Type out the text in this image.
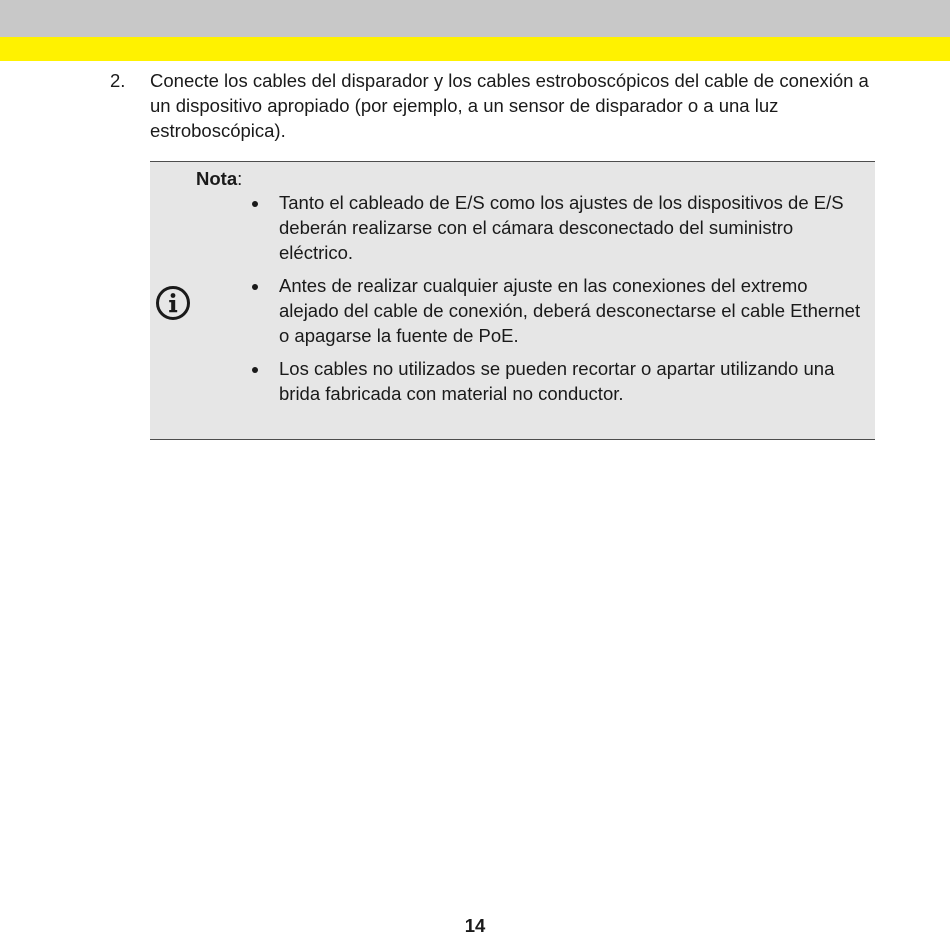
2. Conecte los cables del disparador y los cables estroboscópicos del cable de conexión a un dispositivo apropiado (por ejemplo, a un sensor de disparador o a una luz estroboscópica).
Nota:
Tanto el cableado de E/S como los ajustes de los dispositivos de E/S deberán realizarse con el cámara desconectado del suministro eléctrico.
Antes de realizar cualquier ajuste en las conexiones del extremo alejado del cable de conexión, deberá desconectarse el cable Ethernet o apagarse la fuente de PoE.
Los cables no utilizados se pueden recortar o apartar utilizando una brida fabricada con material no conductor.
14
